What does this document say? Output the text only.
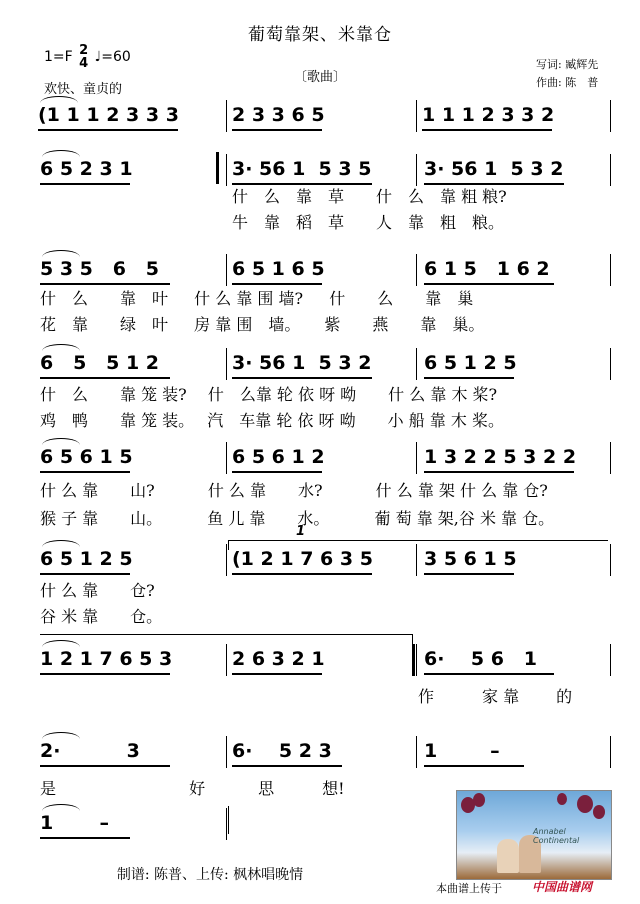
葡萄靠架、米靠仓
1=F 2
4 ♩=60
欢快、童贞的
〔歌曲〕
写词: 臧辉先
作曲: 陈　普
(1 1 1 2 3 3 3	2 3 3 6 5	1 1 1 2 3 3 2
6 5 2 3 1	3· 56 1  5 3 5	3· 56 1  5 3 2
什　么　靠　草　　什　么　靠 粗 粮?
牛　靠　稻　草　　人　靠　粗　粮。
5 3 5   6   5	6 5 1 6 5	6 1 5   1 6 2
什　么　　靠　叶　  什 么 靠 围 墙?　  什　　么　　靠　巢
花　靠　　绿　叶　  房 靠 围　墙。　　紫　　燕　　靠　巢。
6   5   5 1 2	3· 56 1  5 3 2	6 5 1 2 5
什　么　　靠 笼 装?　 什　么靠 轮 依 呀 呦　　什 么 靠 木 桨?
鸡　鸭　　靠 笼 装。　 汽　车靠 轮 依 呀 呦　　小 船 靠 木 桨。
6 5 6 1 5	6 5 6 1 2	1 3 2 2 5 3 2 2
什 么 靠　　山?　　　 什 么 靠　　水?　　　 什 么 靠 架 什 么 靠 仓?
猴 子 靠　　山。　　　 鱼 儿 靠　　水。　　　 葡 萄 靠 架,谷 米 靠 仓。
6 5 1 2 5	(1 2 1 7 6 3 5	3 5 6 1 5
什 么 靠　　仓?
谷 米 靠　　仓。
1 2 1 7 6 5 3	2 6 3 2 1	6·    5 6   1
作　　　家 靠　　 的
2·          3	6·    5 2 3	1        –
是　　　　　　　　 好　　　 思　　　想!
1       –
1
Annabel Continental
本曲谱上传于	中国曲谱网
制谱: 陈普、上传: 枫林唱晚情
